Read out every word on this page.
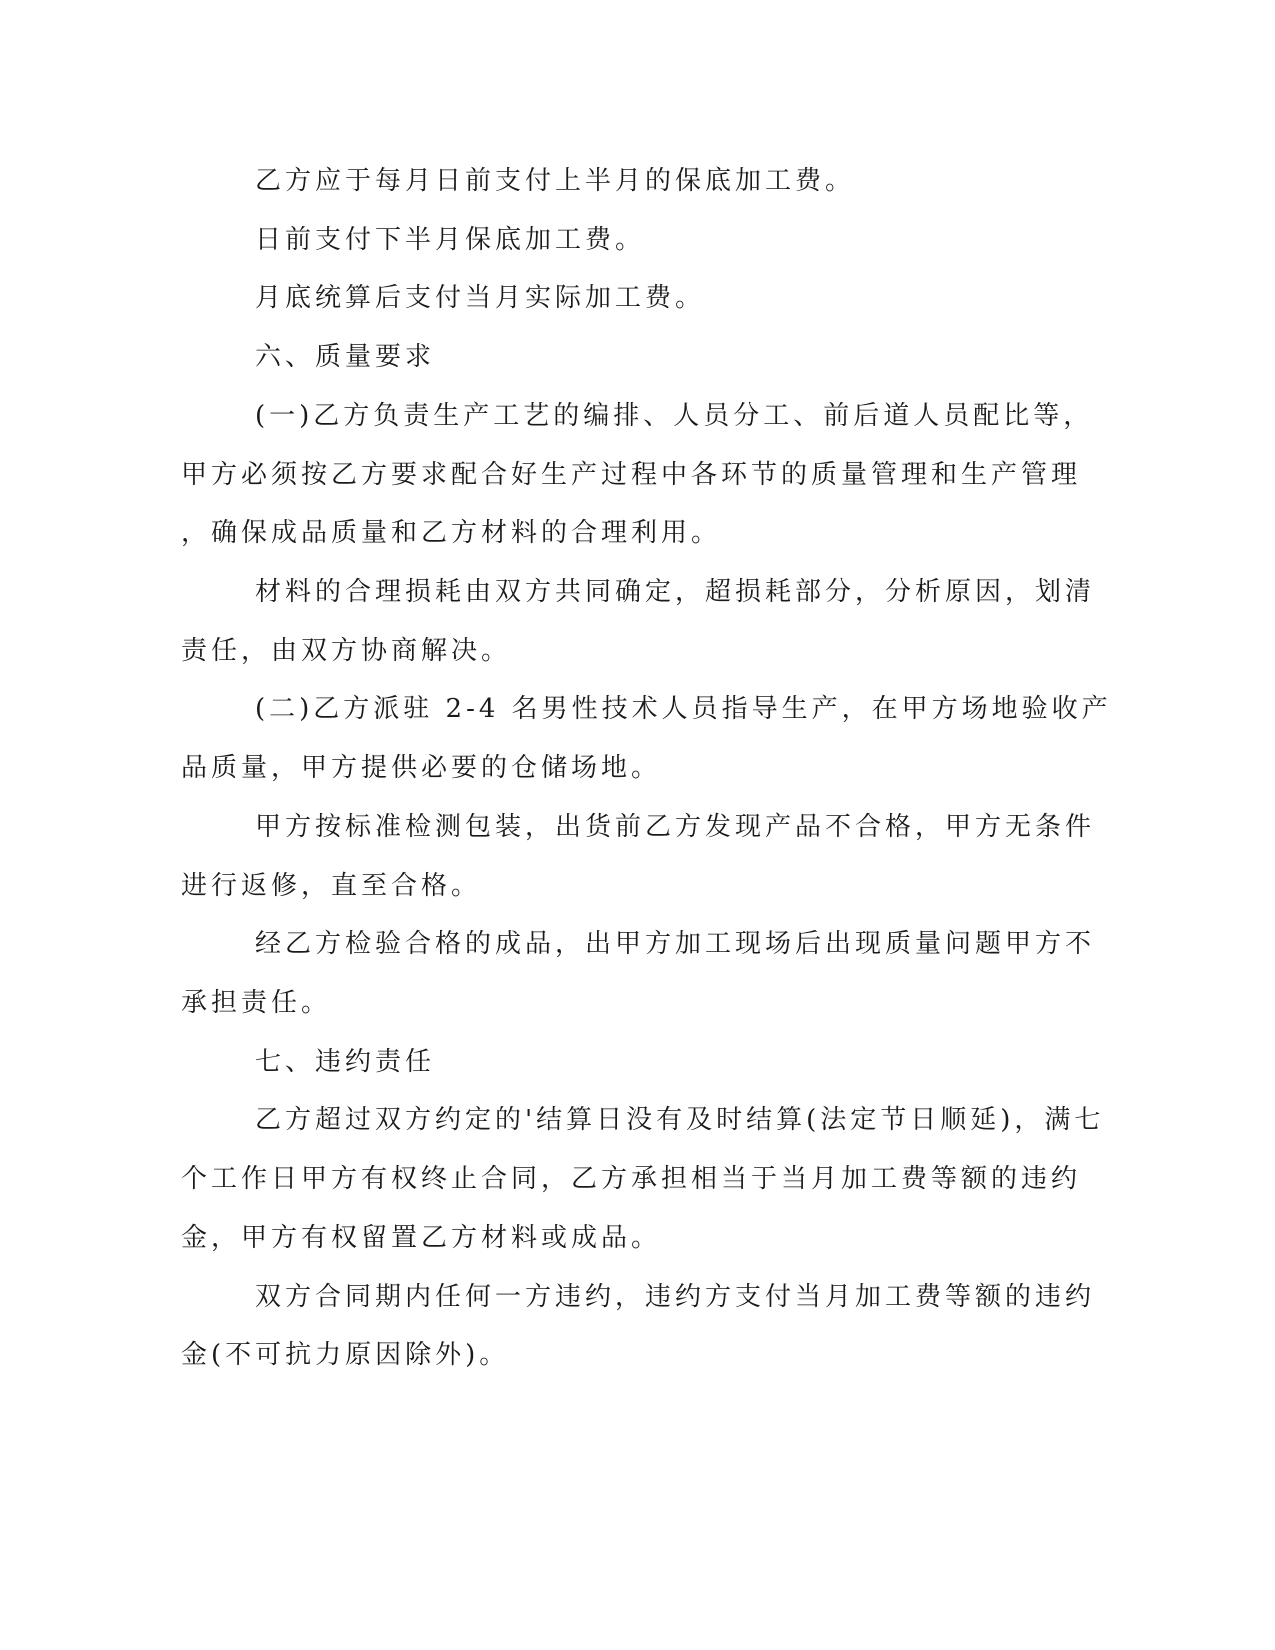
乙方应于每月日前支付上半月的保底加工费。
日前支付下半月保底加工费。
月底统算后支付当月实际加工费。
六、质量要求
(一)乙方负责生产工艺的编排、人员分工、前后道人员配比等，
甲方必须按乙方要求配合好生产过程中各环节的质量管理和生产管理
，确保成品质量和乙方材料的合理利用。
材料的合理损耗由双方共同确定，超损耗部分，分析原因，划清
责任，由双方协商解决。
(二)乙方派驻 2-4 名男性技术人员指导生产，在甲方场地验收产
品质量，甲方提供必要的仓储场地。
甲方按标准检测包装，出货前乙方发现产品不合格，甲方无条件
进行返修，直至合格。
经乙方检验合格的成品，出甲方加工现场后出现质量问题甲方不
承担责任。
七、违约责任
乙方超过双方约定的'结算日没有及时结算(法定节日顺延)，满七
个工作日甲方有权终止合同，乙方承担相当于当月加工费等额的违约
金，甲方有权留置乙方材料或成品。
双方合同期内任何一方违约，违约方支付当月加工费等额的违约
金(不可抗力原因除外)。
